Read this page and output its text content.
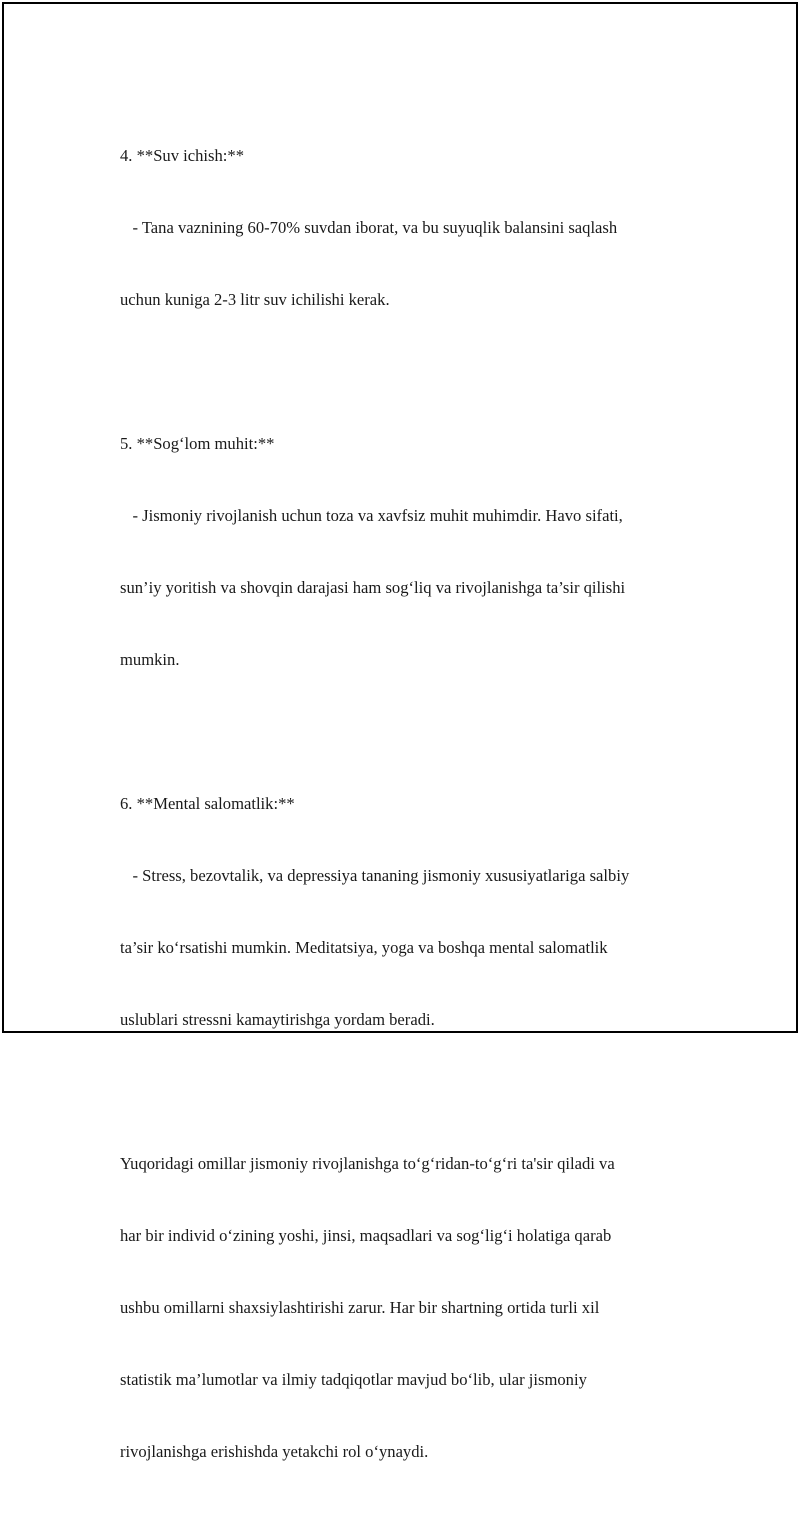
4. **Suv ichish:**

- Tana vaznining 60-70% suvdan iborat, va bu suyuqlik balansini saqlash

uchun kuniga 2-3 litr suv ichilishi kerak.

5. **Sog‘lom muhit:**

- Jismoniy rivojlanish uchun toza va xavfsiz muhit muhimdir. Havo sifati,

sun’iy yoritish va shovqin darajasi ham sog‘liq va rivojlanishga ta’sir qilishi

mumkin.

6. **Mental salomatlik:**

- Stress, bezovtalik, va depressiya tananing jismoniy xususiyatlariga salbiy

ta’sir ko‘rsatishi mumkin. Meditatsiya, yoga va boshqa mental salomatlik

uslublari stressni kamaytirishga yordam beradi.

Yuqoridagi omillar jismoniy rivojlanishga to‘g‘ridan-to‘g‘ri ta'sir qiladi va

har bir individ o‘zining yoshi, jinsi, maqsadlari va sog‘lig‘i holatiga qarab

ushbu omillarni shaxsiylashtirishi zarur. Har bir shartning ortida turli xil

statistik ma’lumotlar va ilmiy tadqiqotlar mavjud bo‘lib, ular jismoniy

rivojlanishga erishishda yetakchi rol o‘ynaydi.
